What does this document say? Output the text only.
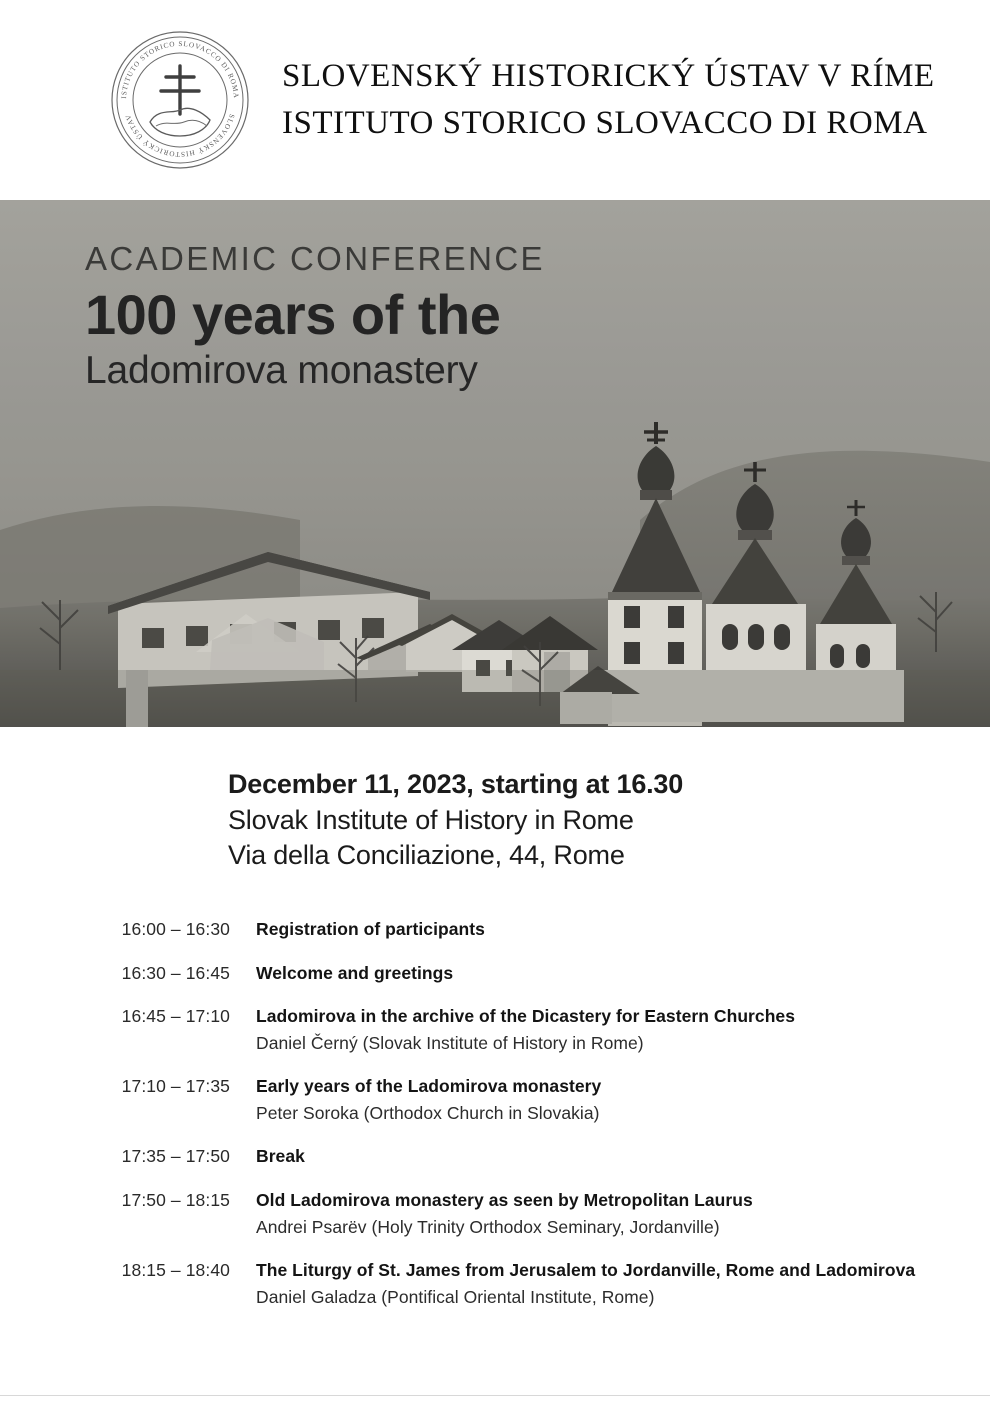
ISTITUTO STORICO SLOVACCO DI ROMA
SLOVENSKÝ HISTORICKÝ ÚSTAV
SLOVENSKÝ HISTORICKÝ ÚSTAV V RÍME
ISTITUTO STORICO SLOVACCO DI ROMA
ACADEMIC CONFERENCE
100 years of the
Ladomirova monastery
December 11, 2023, starting at 16.30
Slovak Institute of History in Rome
Via della Conciliazione, 44, Rome
16:00 – 16:30 Registration of participants
16:30 – 16:45 Welcome and greetings
16:45 – 17:10 Ladomirova in the archive of the Dicastery for Eastern Churches
Daniel Černý (Slovak Institute of History in Rome)
17:10 – 17:35 Early years of the Ladomirova monastery
Peter Soroka (Orthodox Church in Slovakia)
17:35 – 17:50 Break
17:50 – 18:15 Old Ladomirova monastery as seen by Metropolitan Laurus
Andrei Psarëv (Holy Trinity Orthodox Seminary, Jordanville)
18:15 – 18:40 The Liturgy of St. James from Jerusalem to Jordanville, Rome and Ladomirova
Daniel Galadza (Pontifical Oriental Institute, Rome)
